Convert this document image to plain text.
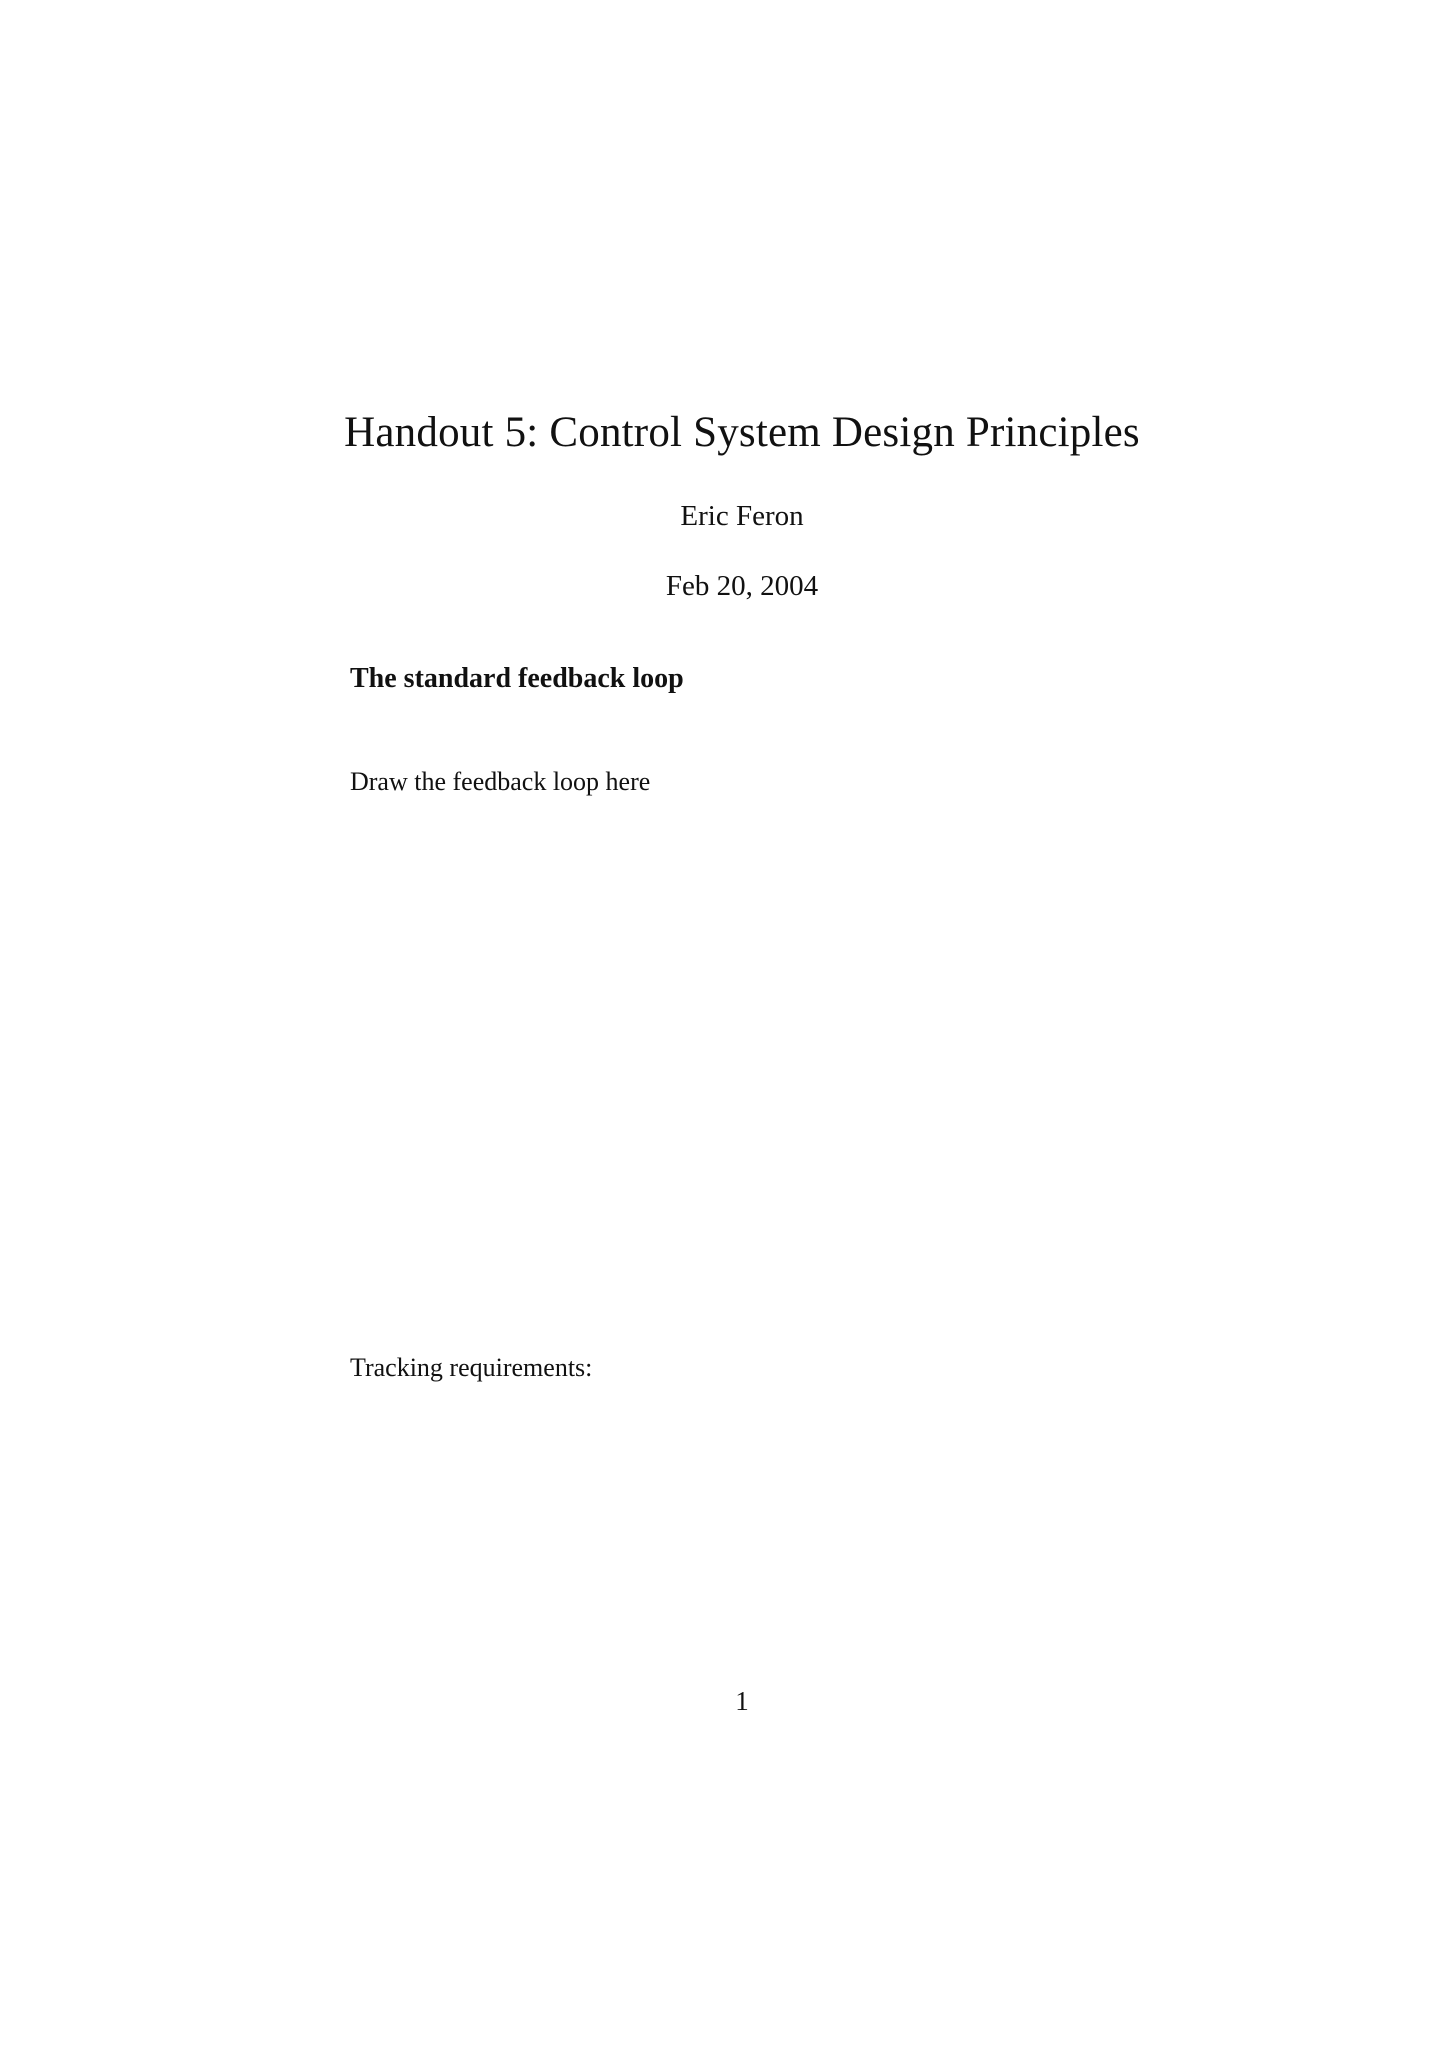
Handout 5: Control System Design Principles

Eric Feron

Feb 20, 2004

The standard feedback loop

Draw the feedback loop here

Tracking requirements:

1
